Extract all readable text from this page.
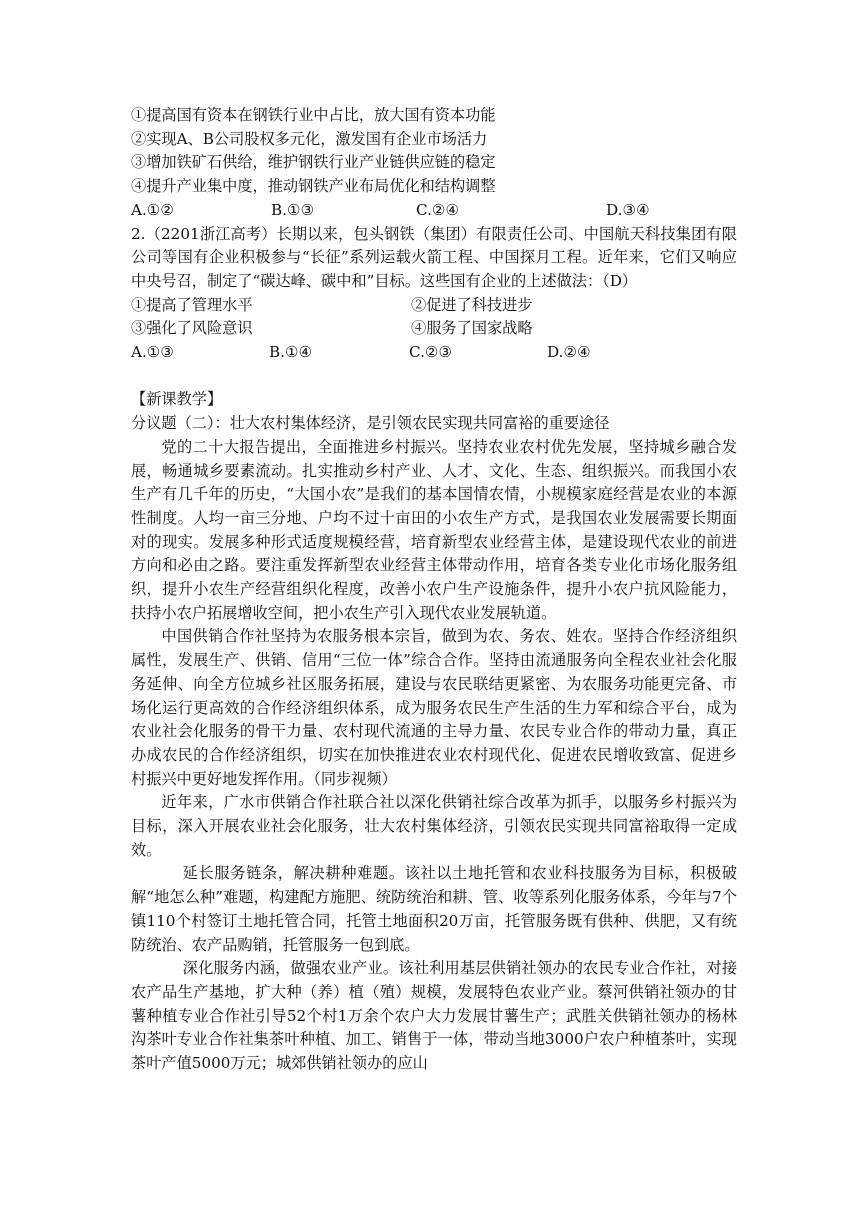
①提高国有资本在钢铁行业中占比，放大国有资本功能
②实现A、B公司股权多元化，激发国有企业市场活力
③增加铁矿石供给，维护钢铁行业产业链供应链的稳定
④提升产业集中度，推动钢铁产业布局优化和结构调整
A.①②	B.①③	C.②④	D.③④
2.（2201浙江高考）长期以来，包头钢铁（集团）有限责任公司、中国航天科技集团有限公司等国有企业积极参与“长征”系列运载火箭工程、中国探月工程。近年来，它们又响应中央号召，制定了“碳达峰、碳中和”目标。这些国有企业的上述做法：（D）
①提高了管理水平	②促进了科技进步
③强化了风险意识	④服务了国家战略
A.①③	B.①④	C.②③	D.②④
【新课教学】
分议题（二）：壮大农村集体经济，是引领农民实现共同富裕的重要途径
党的二十大报告提出，全面推进乡村振兴。坚持农业农村优先发展，坚持城乡融合发展，畅通城乡要素流动。扎实推动乡村产业、人才、文化、生态、组织振兴。而我国小农生产有几千年的历史，“大国小农”是我们的基本国情农情，小规模家庭经营是农业的本源性制度。人均一亩三分地、户均不过十亩田的小农生产方式，是我国农业发展需要长期面对的现实。发展多种形式适度规模经营，培育新型农业经营主体，是建设现代农业的前进方向和必由之路。要注重发挥新型农业经营主体带动作用，培育各类专业化市场化服务组织，提升小农生产经营组织化程度，改善小农户生产设施条件，提升小农户抗风险能力，扶持小农户拓展增收空间，把小农生产引入现代农业发展轨道。
中国供销合作社坚持为农服务根本宗旨，做到为农、务农、姓农。坚持合作经济组织属性，发展生产、供销、信用“三位一体”综合合作。坚持由流通服务向全程农业社会化服务延伸、向全方位城乡社区服务拓展，建设与农民联结更紧密、为农服务功能更完备、市场化运行更高效的合作经济组织体系，成为服务农民生产生活的生力军和综合平台，成为农业社会化服务的骨干力量、农村现代流通的主导力量、农民专业合作的带动力量，真正办成农民的合作经济组织，切实在加快推进农业农村现代化、促进农民增收致富、促进乡村振兴中更好地发挥作用。（同步视频）
近年来，广水市供销合作社联合社以深化供销社综合改革为抓手，以服务乡村振兴为目标，深入开展农业社会化服务，壮大农村集体经济，引领农民实现共同富裕取得一定成效。
延长服务链条，解决耕种难题。该社以土地托管和农业科技服务为目标，积极破解“地怎么种”难题，构建配方施肥、统防统治和耕、管、收等系列化服务体系，今年与7个镇110个村签订土地托管合同，托管土地面积20万亩，托管服务既有供种、供肥，又有统防统治、农产品购销，托管服务一包到底。
深化服务内涵，做强农业产业。该社利用基层供销社领办的农民专业合作社，对接农产品生产基地，扩大种（养）植（殖）规模，发展特色农业产业。蔡河供销社领办的甘薯种植专业合作社引导52个村1万余个农户大力发展甘薯生产；武胜关供销社领办的杨林沟茶叶专业合作社集茶叶种植、加工、销售于一体，带动当地3000户农户种植茶叶，实现茶叶产值5000万元；城郊供销社领办的应山
